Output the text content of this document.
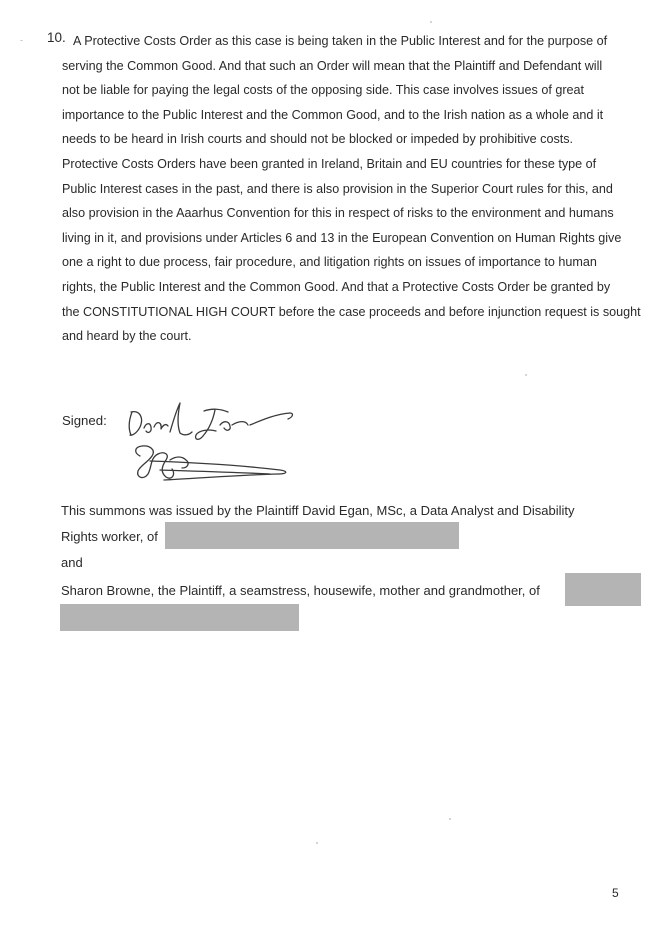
10. A Protective Costs Order as this case is being taken in the Public Interest and for the purpose of
serving the Common Good. And that such an Order will mean that the Plaintiff and Defendant will
not be liable for paying the legal costs of the opposing side. This case involves issues of great
importance to the Public Interest and the Common Good, and to the Irish nation as a whole and it
needs to be heard in Irish courts and should not be blocked or impeded by prohibitive costs.
Protective Costs Orders have been granted in Ireland, Britain and EU countries for these type of
Public Interest cases in the past, and there is also provision in the Superior Court rules for this, and
also provision in the Aaarhus Convention for this in respect of risks to the environment and humans
living in it, and provisions under Articles 6 and 13 in the European Convention on Human Rights give
one a right to due process, fair procedure, and litigation rights on issues of importance to human
rights, the Public Interest and the Common Good. And that a Protective Costs Order be granted by
the CONSTITUTIONAL HIGH COURT before the case proceeds and before injunction request is sought
and heard by the court.
Signed:
This summons was issued by the Plaintiff David Egan, MSc, a Data Analyst and Disability
Rights worker, of
and
Sharon Browne, the Plaintiff, a seamstress, housewife, mother and grandmother, of
5
